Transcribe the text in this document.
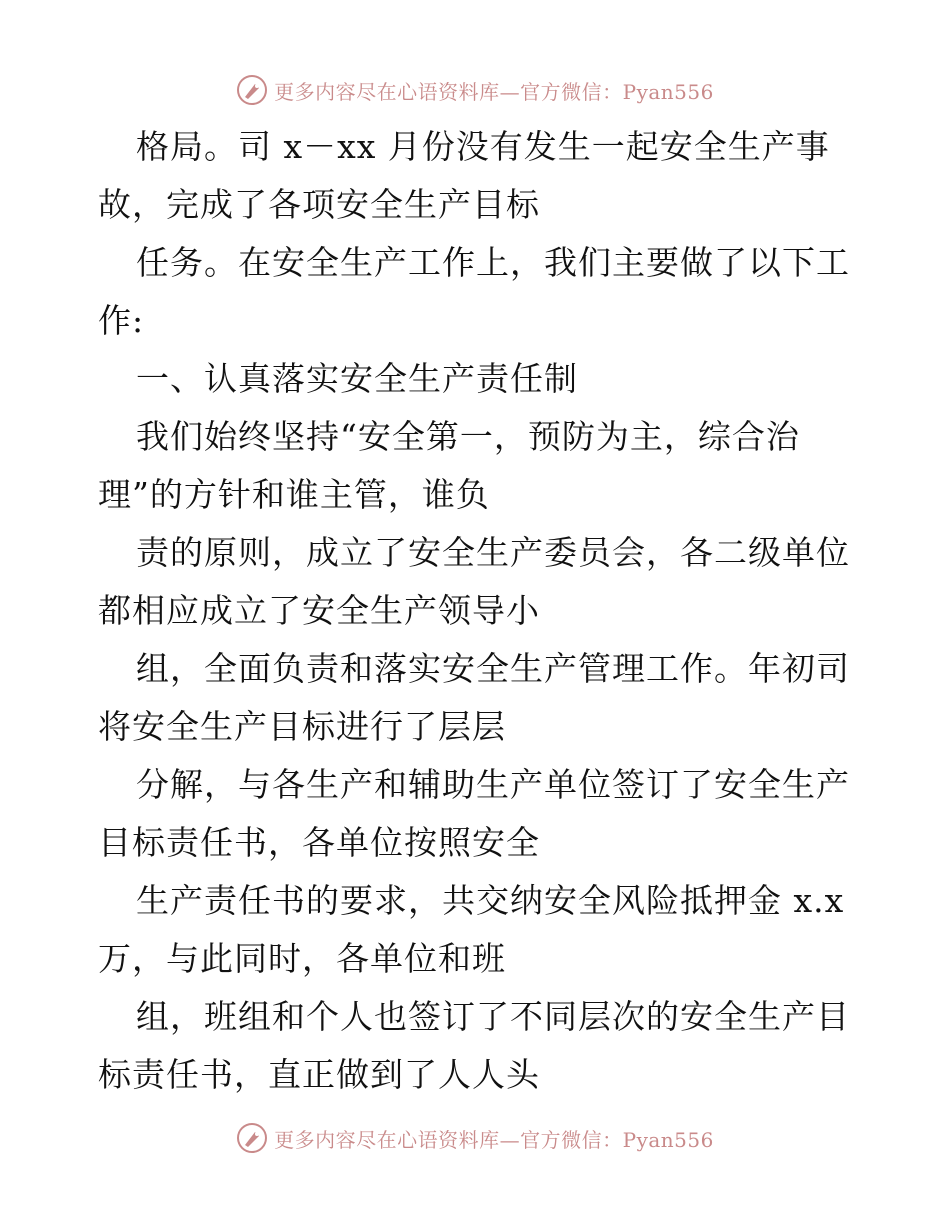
更多内容尽在心语资料库—官方微信：Pyan556
格局。司 x－xx 月份没有发生一起安全生产事
故，完成了各项安全生产目标
任务。在安全生产工作上，我们主要做了以下工
作:
一、认真落实安全生产责任制
我们始终坚持“安全第一，预防为主，综合治
理”的方针和谁主管，谁负
责的原则，成立了安全生产委员会，各二级单位
都相应成立了安全生产领导小
组，全面负责和落实安全生产管理工作。年初司
将安全生产目标进行了层层
分解，与各生产和辅助生产单位签订了安全生产
目标责任书，各单位按照安全
生产责任书的要求，共交纳安全风险抵押金 x.x
万，与此同时，各单位和班
组，班组和个人也签订了不同层次的安全生产目
标责任书，直正做到了人人头
更多内容尽在心语资料库—官方微信：Pyan556
